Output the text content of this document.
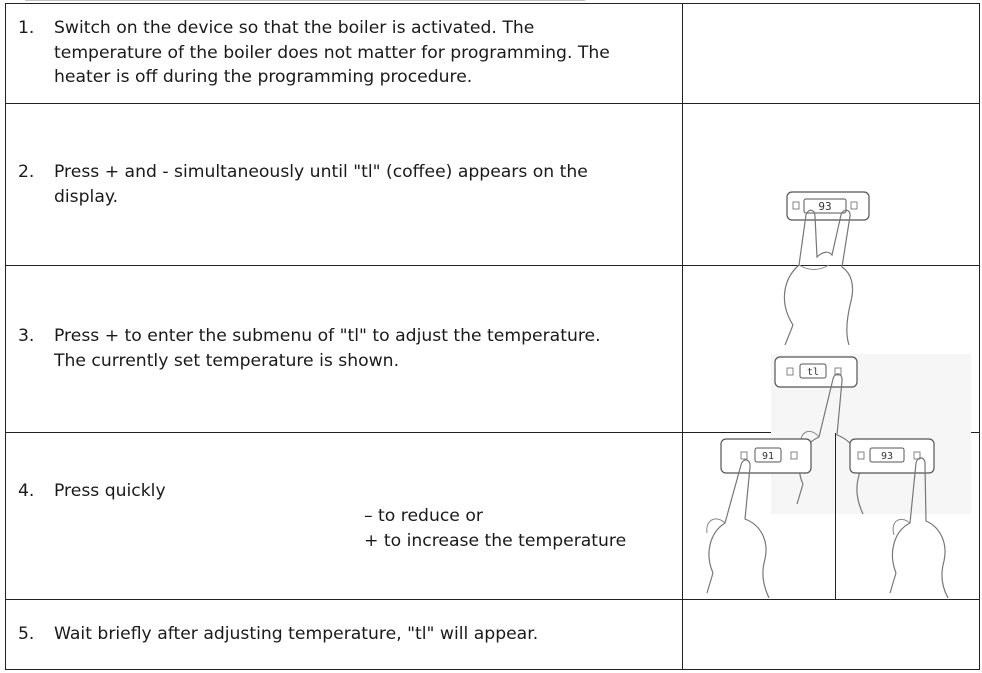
1. Switch on the device so that the boiler is activated. The
temperature of the boiler does not matter for programming. The
heater is off during the programming procedure.	

2. Press + and - simultaneously until "tl" (coffee) appears on the
display.	93

3. Press + to enter the submenu of "tl" to adjust the temperature.
The currently set temperature is shown.	tl

4. Press quickly
– to reduce or
+ to increase the temperature	91 93

5. Wait briefly after adjusting temperature, "tl" will appear.	
